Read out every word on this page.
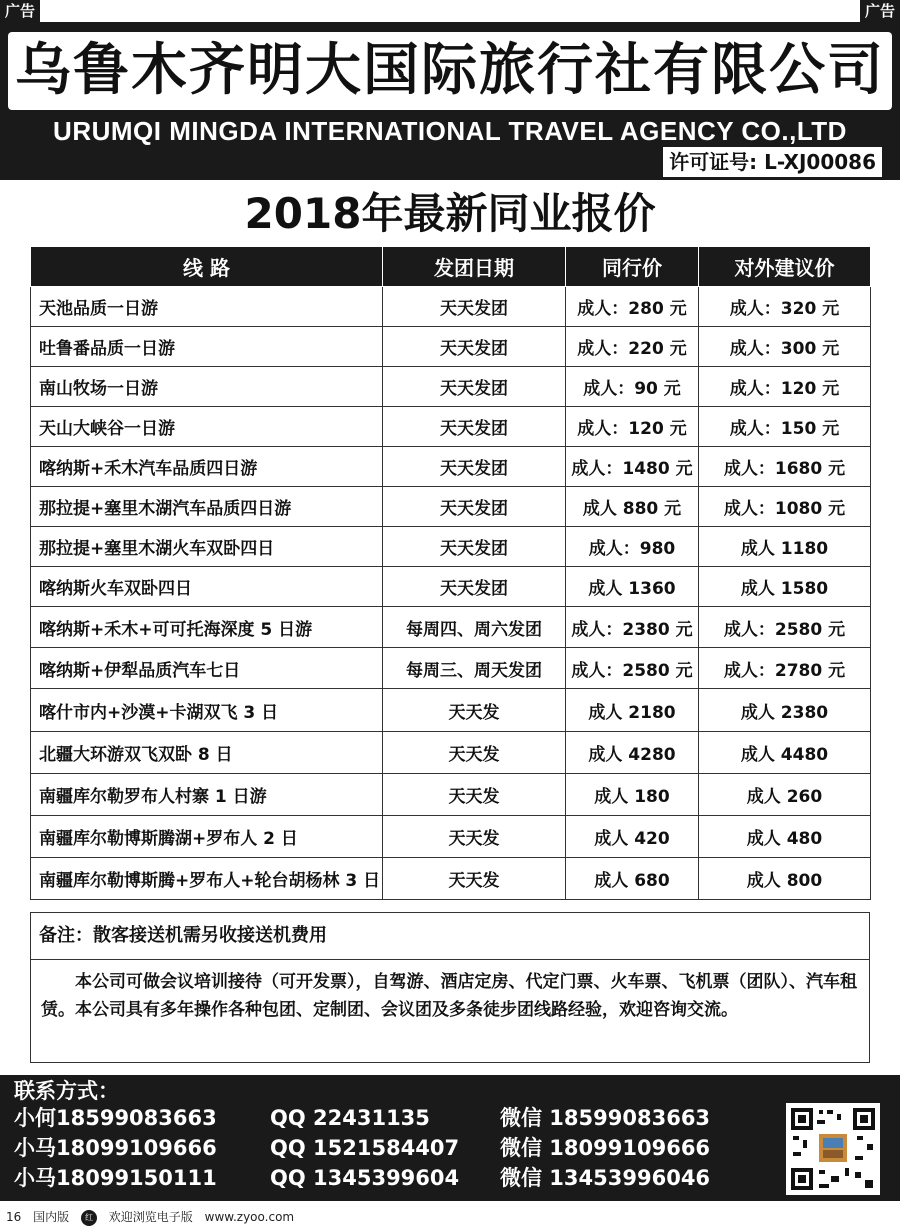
广告	广告
乌鲁木齐明大国际旅行社有限公司
URUMQI MINGDA INTERNATIONAL TRAVEL AGENCY CO.,LTD
许可证号: L-XJ00086
2018年最新同业报价
线 路	发团日期	同行价	对外建议价
天池品质一日游	天天发团	成人：280 元	成人：320 元
吐鲁番品质一日游	天天发团	成人：220 元	成人：300 元
南山牧场一日游	天天发团	成人：90 元	成人：120 元
天山大峡谷一日游	天天发团	成人：120 元	成人：150 元
喀纳斯+禾木汽车品质四日游	天天发团	成人：1480 元	成人：1680 元
那拉提+塞里木湖汽车品质四日游	天天发团	成人 880 元	成人：1080 元
那拉提+塞里木湖火车双卧四日	天天发团	成人：980	成人 1180
喀纳斯火车双卧四日	天天发团	成人 1360	成人 1580
喀纳斯+禾木+可可托海深度 5 日游	每周四、周六发团	成人：2380 元	成人：2580 元
喀纳斯+伊犁品质汽车七日	每周三、周天发团	成人：2580 元	成人：2780 元
喀什市内+沙漠+卡湖双飞 3 日	天天发	成人 2180	成人 2380
北疆大环游双飞双卧 8 日	天天发	成人 4280	成人 4480
南疆库尔勒罗布人村寨 1 日游	天天发	成人 180	成人 260
南疆库尔勒博斯腾湖+罗布人 2 日	天天发	成人 420	成人 480
南疆库尔勒博斯腾+罗布人+轮台胡杨林 3 日	天天发	成人 680	成人 800
备注：散客接送机需另收接送机费用
本公司可做会议培训接待（可开发票），自驾游、酒店定房、代定门票、火车票、飞机票（团队）、汽车租赁。本公司具有多年操作各种包团、定制团、会议团及多条徒步团线路经验，欢迎咨询交流。
联系方式：
小何18599083663	QQ 22431135	微信 18599083663
小马18099109666	QQ 1521584407 微信 18099109666
小马18099150111	QQ 1345399604 微信 13453996046
16 国内版 红 欢迎浏览电子版 www.zyoo.com
